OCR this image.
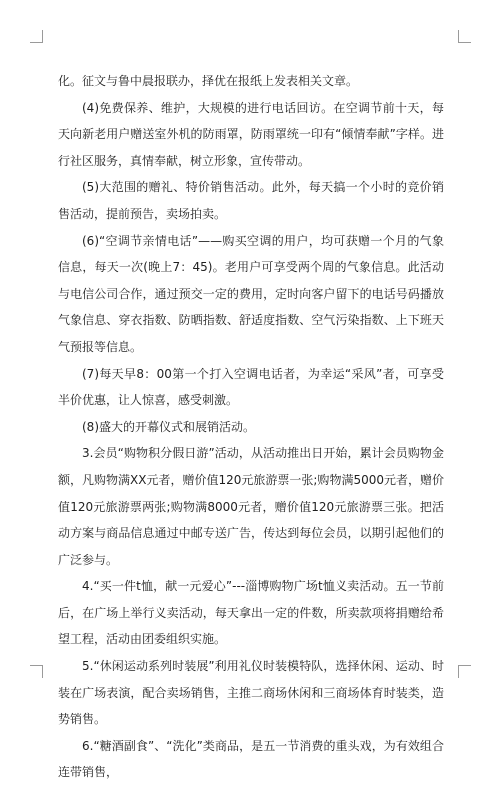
化。征文与鲁中晨报联办，择优在报纸上发表相关文章。

(4)免费保养、维护，大规模的进行电话回访。在空调节前十天，每天向新老用户赠送室外机的防雨罩，防雨罩统一印有“倾情奉献”字样。进行社区服务，真情奉献，树立形象，宣传带动。

(5)大范围的赠礼、特价销售活动。此外，每天搞一个小时的竞价销售活动，提前预告，卖场拍卖。

(6)“空调节亲情电话”——购买空调的用户，均可获赠一个月的气象信息，每天一次(晚上7：45)。老用户可享受两个周的气象信息。此活动与电信公司合作，通过预交一定的费用，定时向客户留下的电话号码播放气象信息、穿衣指数、防晒指数、舒适度指数、空气污染指数、上下班天气预报等信息。

(7)每天早8：00第一个打入空调电话者，为幸运“采风”者，可享受半价优惠，让人惊喜，感受刺激。

(8)盛大的开幕仪式和展销活动。

3.会员“购物积分假日游”活动，从活动推出日开始，累计会员购物金额，凡购物满XX元者，赠价值120元旅游票一张;购物满5000元者，赠价值120元旅游票两张;购物满8000元者，赠价值120元旅游票三张。把活动方案与商品信息通过中邮专送广告，传达到每位会员，以期引起他们的广泛参与。

4.“买一件t恤，献一元爱心”---淄博购物广场t恤义卖活动。五一节前后，在广场上举行义卖活动，每天拿出一定的件数，所卖款项将捐赠给希望工程，活动由团委组织实施。

5.“休闲运动系列时装展”利用礼仪时装模特队，选择休闲、运动、时装在广场表演，配合卖场销售，主推二商场休闲和三商场体育时装类，造势销售。

6.“糖酒副食”、“洗化”类商品，是五一节消费的重头戏，为有效组合连带销售，
